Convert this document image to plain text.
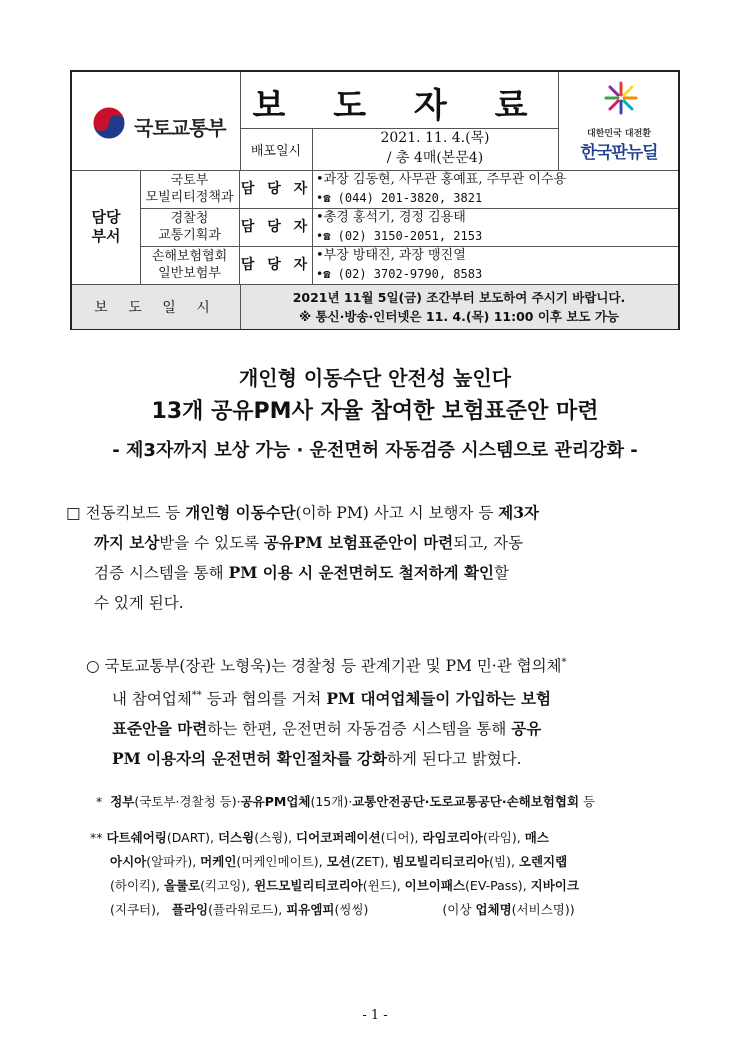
국토교통부
보 도 자 료
배포일시
2021. 11. 4.(목)
/ 총 4매(본문4)
대한민국 대전환
한국판뉴딜
담당
부서
국토부
모빌리티정책과
담 당 자
•과장 김동현, 사무관 홍예표, 주무관 이수용
•☎ (044) 201-3820, 3821
경찰청
교통기획과
담 당 자
•총경 홍석기, 경정 김용태
•☎ (02) 3150-2051, 2153
손해보험협회
일반보험부
담 당 자
•부장 방태진, 과장 맹진열
•☎ (02) 3702-9790, 8583
보 도 일 시
2021년 11월 5일(금) 조간부터 보도하여 주시기 바랍니다.
※ 통신·방송·인터넷은 11. 4.(목) 11:00 이후 보도 가능
개인형 이동수단 안전성 높인다
13개 공유PM사 자율 참여한 보험표준안 마련
- 제3자까지 보상 가능 · 운전면허 자동검증 시스템으로 관리강화 -
□ 전동킥보드 등 개인형 이동수단(이하 PM) 사고 시 보행자 등 제3자
까지 보상받을 수 있도록 공유PM 보험표준안이 마련되고, 자동
검증 시스템을 통해 PM 이용 시 운전면허도 철저하게 확인할
수 있게 된다.
○ 국토교통부(장관 노형욱)는 경찰청 등 관계기관 및 PM 민·관 협의체*
내 참여업체** 등과 협의를 거쳐 PM 대여업체들이 가입하는 보험
표준안을 마련하는 한편, 운전면허 자동검증 시스템을 통해 공유
PM 이용자의 운전면허 확인절차를 강화하게 된다고 밝혔다.
* 정부(국토부·경찰청 등)·공유PM업체(15개)·교통안전공단·도로교통공단·손해보험협회 등
** 다트쉐어링(DART), 더스윙(스윙), 디어코퍼레이션(디어), 라임코리아(라임), 매스
아시아(알파카), 머케인(머케인메이트), 모션(ZET), 빔모빌리티코리아(빔), 오렌지랩
(하이킥), 올룰로(킥고잉), 윈드모빌리티코리아(윈드), 이브이패스(EV-Pass), 지바이크
(지쿠터),   플라잉(플라워로드), 피유엠피(씽씽)	(이상 업체명(서비스명))
- 1 -
